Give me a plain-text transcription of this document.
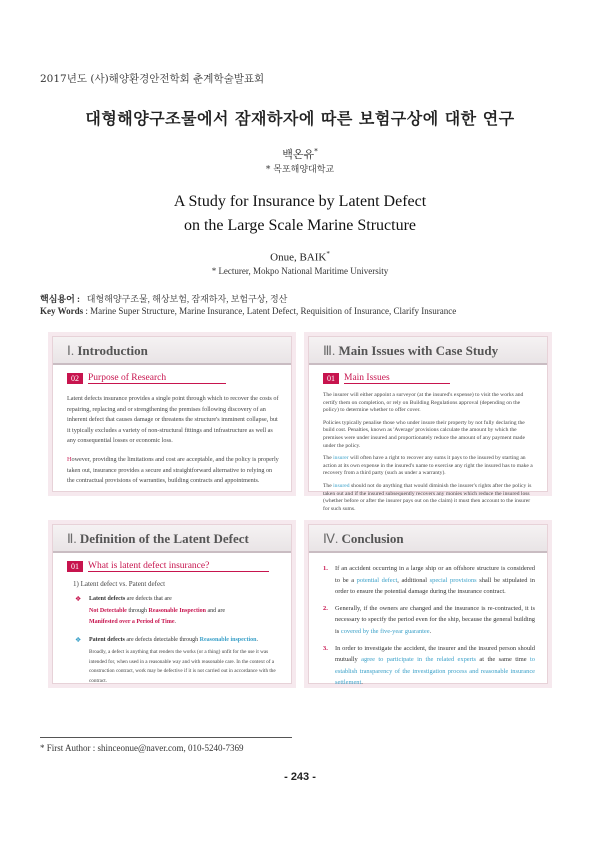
2017년도 (사)해양환경안전학회 춘계학술발표회
대형해양구조물에서 잠재하자에 따른 보험구상에 대한 연구
백온유*
* 목포해양대학교
A Study for Insurance by Latent Defect
on the Large Scale Marine Structure
Onue, BAIK*
* Lecturer, Mokpo National Maritime University
핵심용어 : 대형해양구조물, 해상보험, 잠재하자, 보험구상, 정산
Key Words : Marine Super Structure, Marine Insurance, Latent Defect, Requisition of Insurance, Clarify Insurance
Ⅰ. Introduction
02 Purpose of Research

Latent defects insurance provides a single point through which to recover the costs of repairing, replacing and or strengthening the premises following discovery of an inherent defect that causes damage or threatens the structure's imminent collapse, but it typically excludes a variety of non-structural fittings and infrastructure as well as any consequential losses or economic loss.

However, providing the limitations and cost are acceptable, and the policy is properly taken out, insurance provides a secure and straightforward alternative to relying on the contractual provisions of warranties, building contracts and appointments.

Ⅲ. Main Issues with Case Study
01 Main Issues

The insurer will either appoint a surveyor (at the insured's expense) to visit the works and certify them on completion, or rely on Building Regulations approval (depending on the policy) to determine whether to offer cover.

Policies typically penalise those who under insure their property by not fully declaring the build cost. Penalties, known as 'Average' provisions calculate the amount by which the premises were under insured and proportionately reduce the amount of any payment made under the policy.

The insurer will often have a right to recover any sums it pays to the insured by starting an action at its own expense in the insured's name to exercise any right the insured has to make a recovery from a third party (such as under a warranty).

The insured should not do anything that would diminish the insurer's rights after the policy is taken out and if the insured subsequently recovers any monies which reduce the insured loss (whether before or after the insurer pays out on the claim) it must then account to the insurer for such sums.

Ⅱ. Definition of the Latent Defect
01 What is latent defect insurance?
1) Latent defect vs. Patent defect
❖ Latent defects are defects that are
Not Detectable through Reasonable Inspection and are
Manifested over a Period of Time.
❖ Patent defects are defects detectable through Reasonable inspection.
Broadly, a defect is anything that renders the works (or a thing) unfit for the use it was intended for, when used in a reasonable way and with reasonable care. In the context of a construction contract, work may be defective if it is not carried out in accordance with the contract.
Ⅳ. Conclusion
1. If an accident occurring in a large ship or an offshore structure is considered to be a potential defect, additional special provisions shall be stipulated in order to ensure the potential damage during the insurance contract.
2. Generally, if the owners are changed and the insurance is re-contracted, it is necessary to specify the period even for the ship, because the general building is covered by the five-year guarantee.
3. In order to investigate the accident, the insurer and the insured person should mutually agree to participate in the related experts at the same time to establish transparency of the investigation process and reasonable insurance settlement.
* First Author : shinceonue@naver.com, 010-5240-7369
- 243 -
